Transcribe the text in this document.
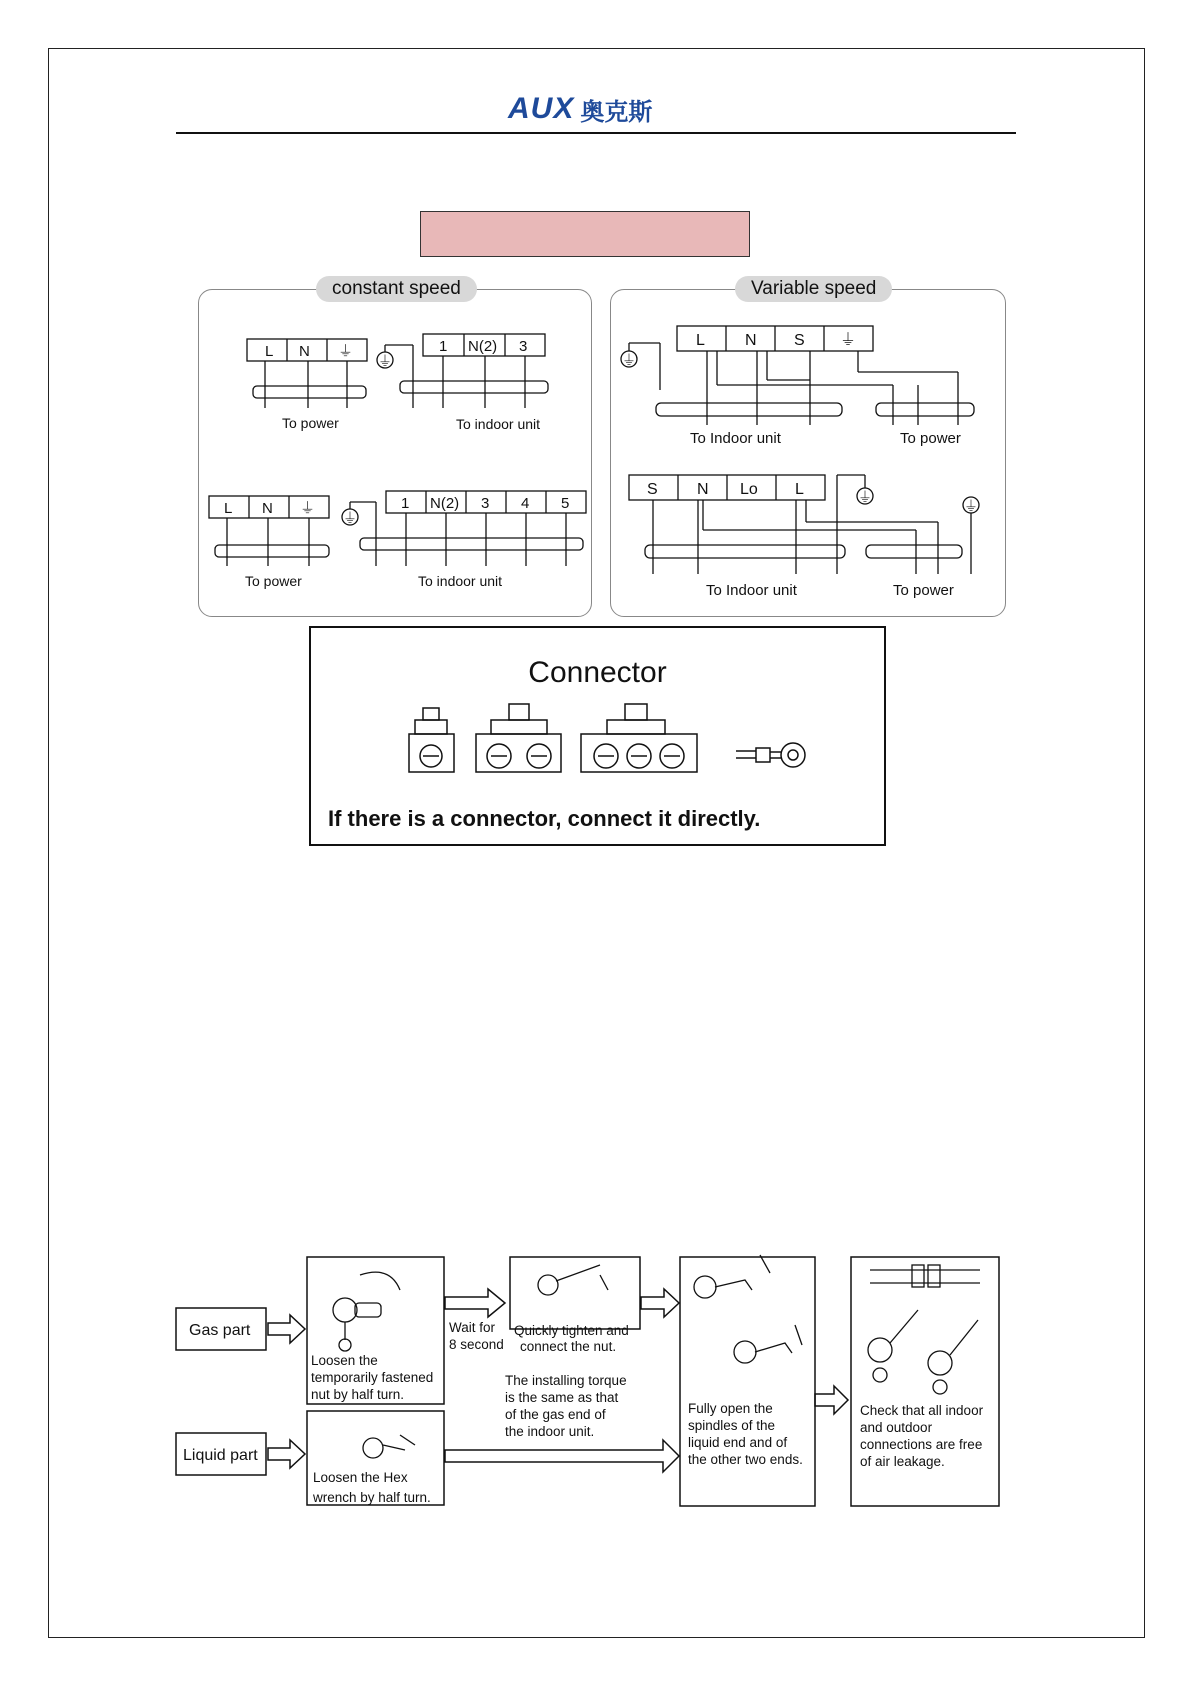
AUX 奥克斯
constant speed	Variable speed
L N ⏚
To power
⏚
1 N(2) 3
To indoor unit
L N ⏚
To power
⏚
1 N(2) 3 4 5
To indoor unit
⏚
L	N S ⏚
To Indoor unit	To power
S N Lo L	⏚
⏚
To Indoor unit	To power
Connector
If there is a connector, connect it directly.
Gas part
Liquid part
Loosen the temporarily fastened nut by half turn.
Wait for 8 second
Quickly tighten and connect the nut.
The installing torque is the same as that of the gas end of the indoor unit.
Fully open the spindles of the liquid end and of the other two ends.
Check that all indoor and outdoor connections are free of air leakage.
Loosen the Hex wrench by half turn.
